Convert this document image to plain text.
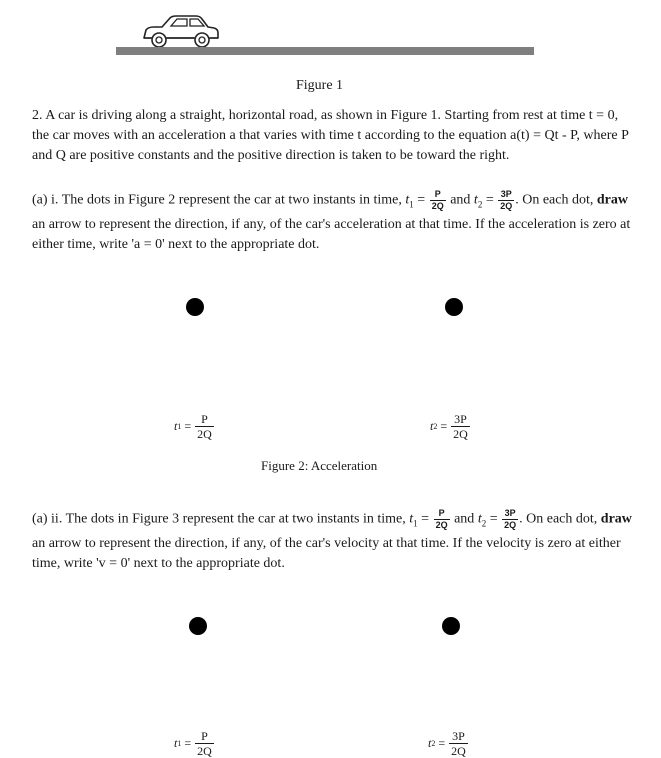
Figure 1

2. A car is driving along a straight, horizontal road, as shown in Figure 1. Starting from rest at time t = 0, the car moves with an acceleration a that varies with time t according to the equation a(t) = Qt - P, where P and Q are positive constants and the positive direction is taken to be toward the right.

(a) i. The dots in Figure 2 represent the car at two instants in time, $t_1 = \frac{P}{2Q}$ and $t_2 = \frac{3P}{2Q}$ . On each dot, draw an arrow to represent the direction, if any, of the car's acceleration at that time. If the acceleration is zero at either time, write 'a = 0' next to the appropriate dot.

t 1
=
$\frac{P}{2Q}$	t 2
=
$\frac{3P}{2Q}$
Figure 2: Acceleration

(a) ii. The dots in Figure 3 represent the car at two instants in time, $t_1 = \frac{P}{2Q}$ and $t_2 = \frac{3P}{2Q}$ . On each dot, draw an arrow to represent the direction, if any, of the car's velocity at that time. If the velocity is zero at either time, write 'v = 0' next to the appropriate dot.

t 1
=
$\frac{P}{2Q}$	t 2
=
$\frac{3P}{2Q}$
